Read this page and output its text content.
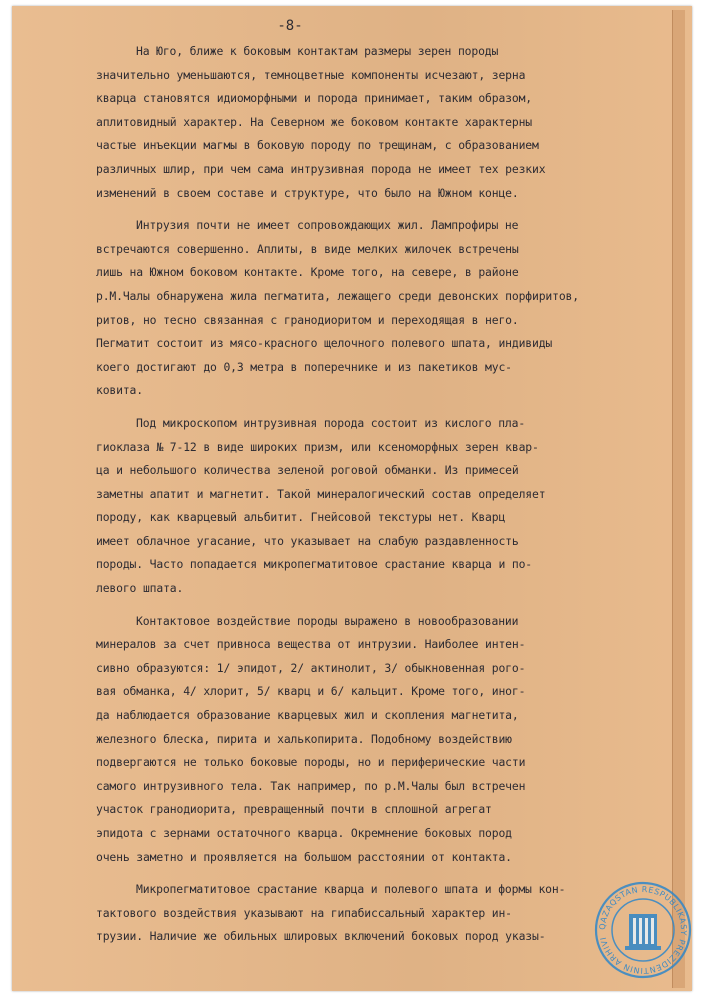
-8-
На Юго, ближе к боковым контактам размеры зерен породы
значительно уменьшаются, темноцветные компоненты исчезают, зерна
кварца становятся идиоморфными и порода принимает, таким образом,
аплитовидный характер. На Северном же боковом контакте характерны
частые инъекции магмы в боковую породу по трещинам, с образованием
различных шлир, при чем сама интрузивная порода не имеет тех резких
изменений в своем составе и структуре, что было на Южном конце.
Интрузия почти не имеет сопровождающих жил. Лампрофиры не
встречаются совершенно. Аплиты, в виде мелких жилочек встречены
лишь на Южном боковом контакте. Кроме того, на севере, в районе
р.М.Чалы обнаружена жила пегматита, лежащего среди девонских порфиритов,
ритов, но тесно связанная с гранодиоритом и переходящая в него.
Пегматит состоит из мясо-красного щелочного полевого шпата, индивиды
коего достигают до 0,3 метра в поперечнике и из пакетиков мус-
ковита.
Под микроскопом интрузивная порода состоит из кислого пла-
гиоклаза № 7-12 в виде широких призм, или ксеноморфных зерен квар-
ца и небольшого количества зеленой роговой обманки. Из примесей
заметны апатит и магнетит. Такой минералогический состав определяет
породу, как кварцевый альбитит. Гнейсовой текстуры нет. Кварц
имеет облачное угасание, что указывает на слабую раздавленность
породы. Часто попадается микропегматитовое срастание кварца и по-
левого шпата.
Контактовое воздействие породы выражено в новообразовании
минералов за счет привноса вещества от интрузии. Наиболее интен-
сивно образуются: 1/ эпидот, 2/ актинолит, 3/ обыкновенная рого-
вая обманка, 4/ хлорит, 5/ кварц и 6/ кальцит. Кроме того, иног-
да наблюдается образование кварцевых жил и скопления магнетита,
железного блеска, пирита и халькопирита. Подобному воздействию
подвергаются не только боковые породы, но и периферические части
самого интрузивного тела. Так например, по р.М.Чалы был встречен
участок гранодиорита, превращенный почти в сплошной агрегат
эпидота с зернами остаточного кварца. Окремнение боковых пород
очень заметно и проявляется на большом расстоянии от контакта.
Микропегматитовое срастание кварца и полевого шпата и формы кон-
тактового воздействия указывают на гипабиссальный характер ин-
трузии. Наличие же обильных шлировых включений боковых пород указы-
QAZAQSTAN RESPUBLIKASY PREZIDENTININ ARHIVI
